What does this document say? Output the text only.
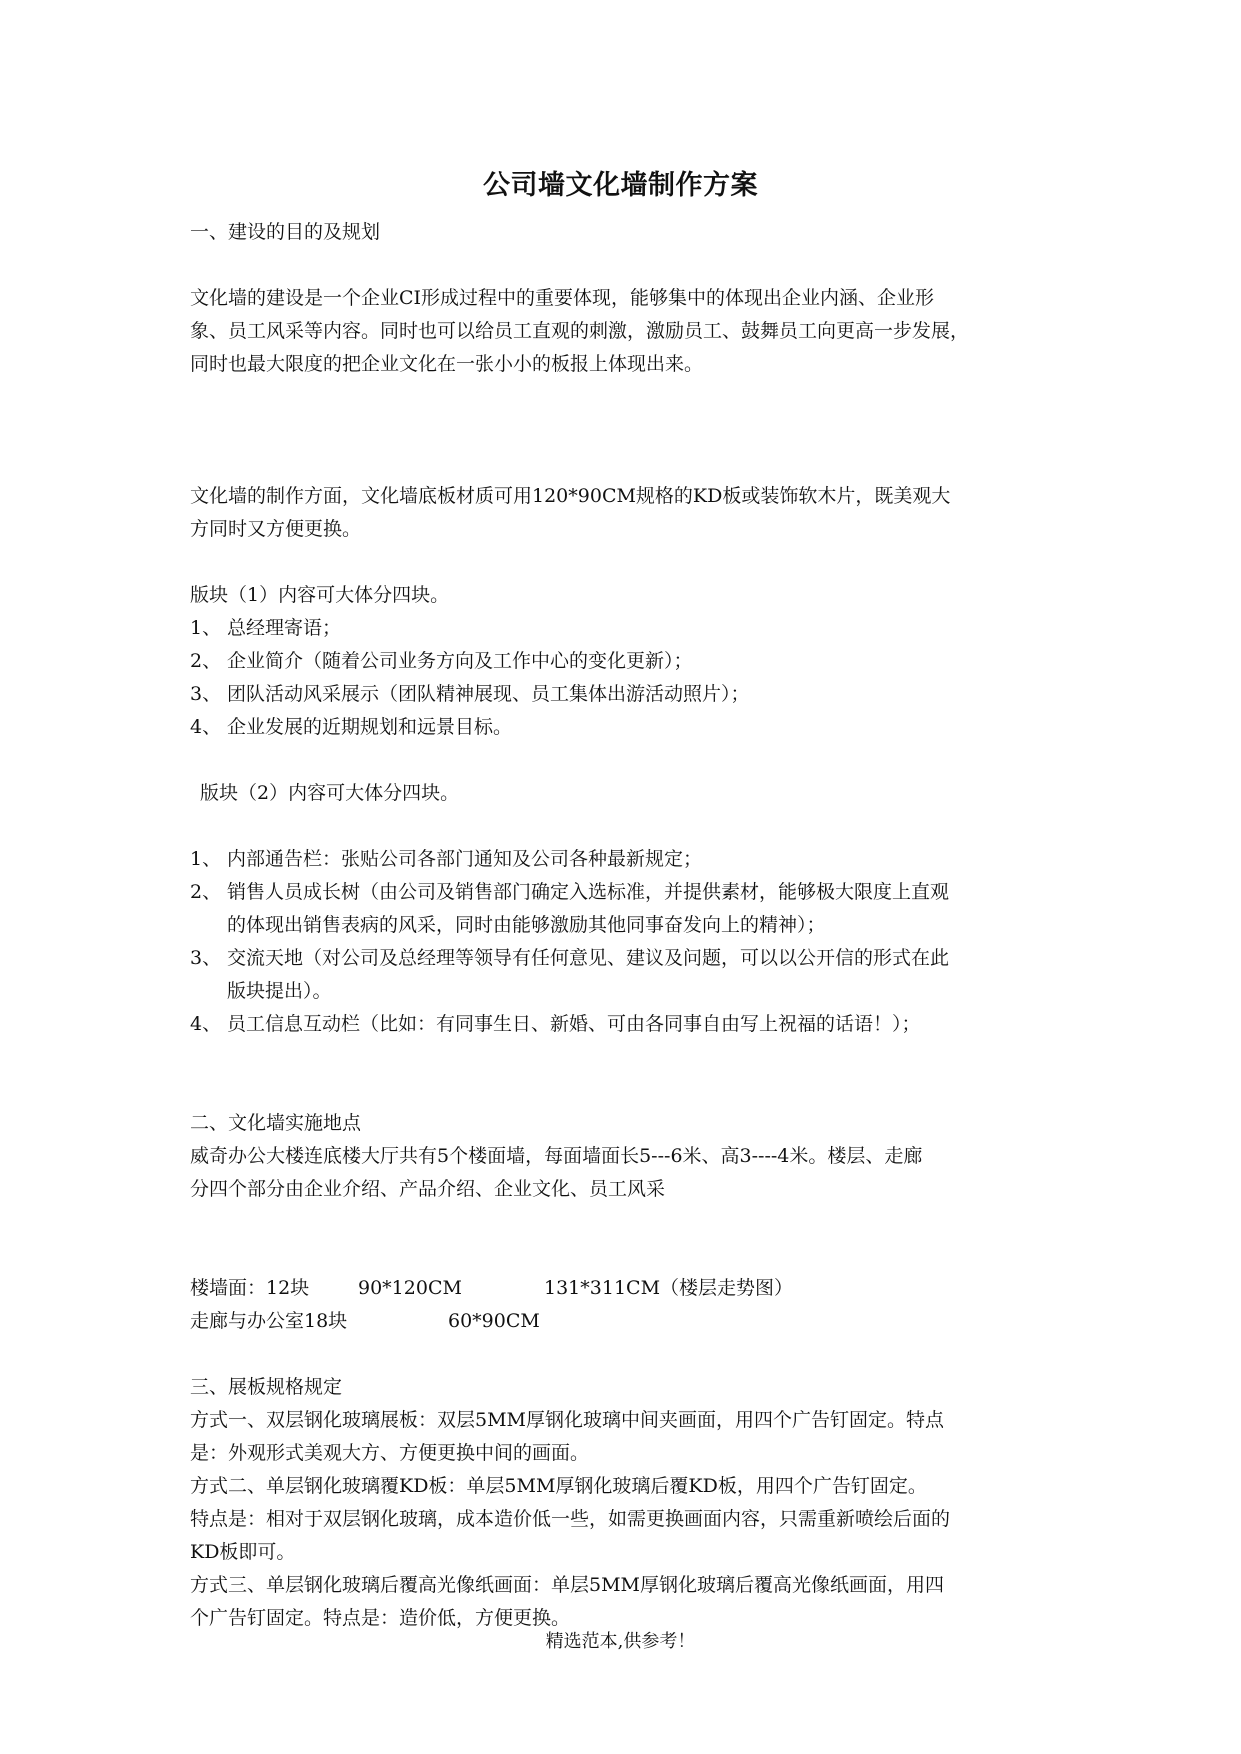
公司墙文化墙制作方案

一、建设的目的及规划

文化墙的建设是一个企业CI形成过程中的重要体现，能够集中的体现出企业内涵、企业形
象、员工风采等内容。同时也可以给员工直观的刺激，激励员工、鼓舞员工向更高一步发展，
同时也最大限度的把企业文化在一张小小的板报上体现出来。

文化墙的制作方面，文化墙底板材质可用120*90CM规格的KD板或装饰软木片，既美观大
方同时又方便更换。

版块（1）内容可大体分四块。

1、 总经理寄语；
2、 企业简介（随着公司业务方向及工作中心的变化更新）；
3、 团队活动风采展示（团队精神展现、员工集体出游活动照片）；
4、 企业发展的近期规划和远景目标。

版块（2）内容可大体分四块。

1、 内部通告栏：张贴公司各部门通知及公司各种最新规定；
2、 销售人员成长树（由公司及销售部门确定入选标准，并提供素材，能够极大限度上直观
的体现出销售表病的风采，同时由能够激励其他同事奋发向上的精神）；
3、 交流天地（对公司及总经理等领导有任何意见、建议及问题，可以以公开信的形式在此
版块提出）。
4、 员工信息互动栏（比如：有同事生日、新婚、可由各同事自由写上祝福的话语！）；

二、文化墙实施地点

威奇办公大楼连底楼大厅共有5个楼面墙，每面墙面长5---6米、高3----4米。楼层、走廊
分四个部分由企业介绍、产品介绍、企业文化、员工风采

楼墙面：12块	90*120CM	131*311CM（楼层走势图）
走廊与办公室18块	60*90CM

三、展板规格规定

方式一、双层钢化玻璃展板：双层5MM厚钢化玻璃中间夹画面，用四个广告钉固定。特点
是：外观形式美观大方、方便更换中间的画面。
方式二、单层钢化玻璃覆KD板：单层5MM厚钢化玻璃后覆KD板，用四个广告钉固定。
特点是：相对于双层钢化玻璃，成本造价低一些，如需更换画面内容，只需重新喷绘后面的
KD板即可。
方式三、单层钢化玻璃后覆高光像纸画面：单层5MM厚钢化玻璃后覆高光像纸画面，用四
个广告钉固定。特点是：造价低，方便更换。

精选范本,供参考！
